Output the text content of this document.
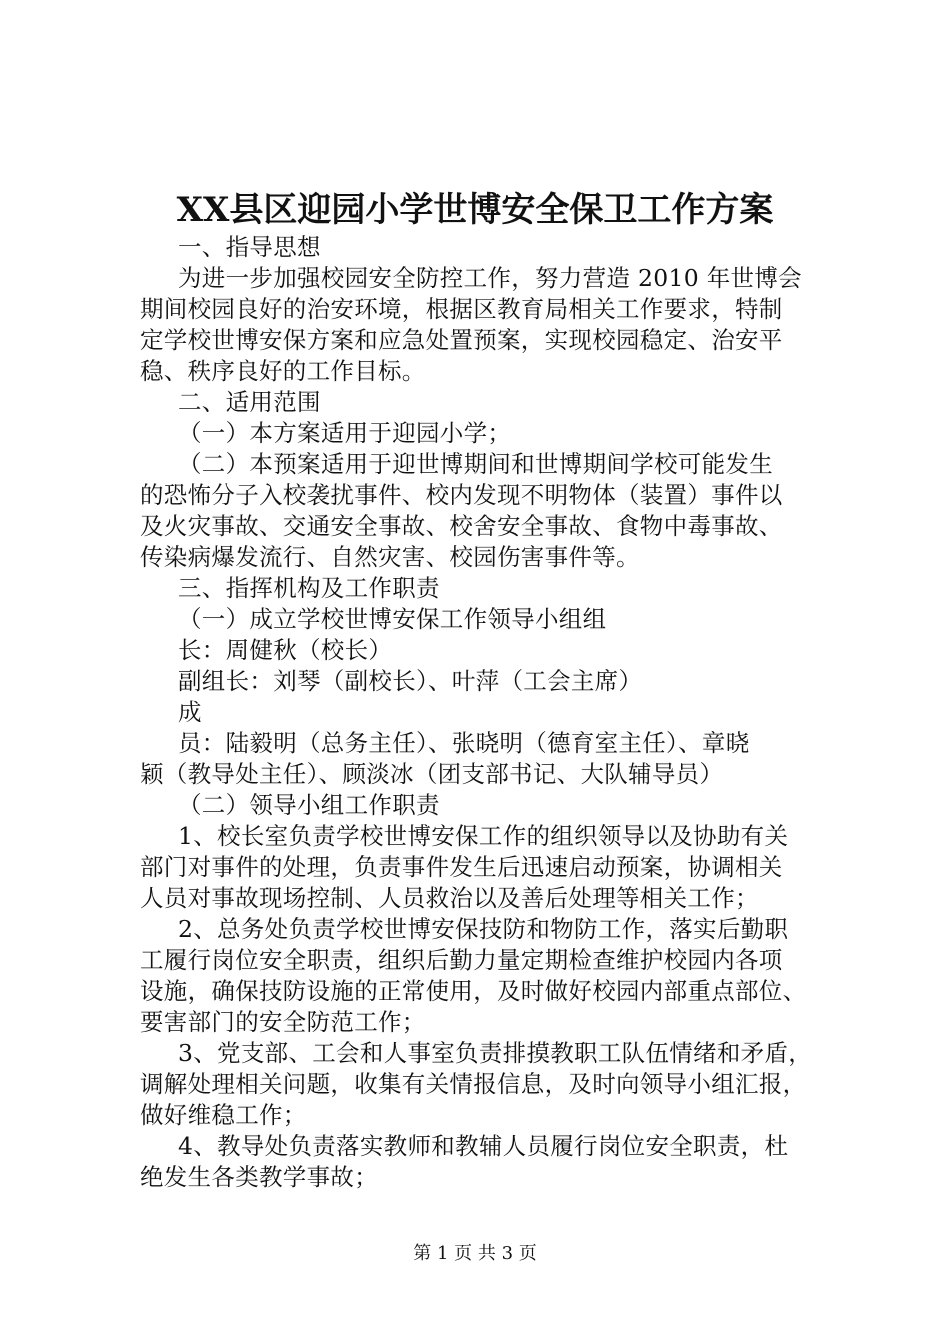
XX县区迎园小学世博安全保卫工作方案

一、指导思想

为进一步加强校园安全防控工作，努力营造 2010 年世博会

期间校园良好的治安环境，根据区教育局相关工作要求，特制

定学校世博安保方案和应急处置预案，实现校园稳定、治安平

稳、秩序良好的工作目标。

二、适用范围

（一）本方案适用于迎园小学；

（二）本预案适用于迎世博期间和世博期间学校可能发生

的恐怖分子入校袭扰事件、校内发现不明物体（装置）事件以

及火灾事故、交通安全事故、校舍安全事故、食物中毒事故、

传染病爆发流行、自然灾害、校园伤害事件等。

三、指挥机构及工作职责

（一）成立学校世博安保工作领导小组组

长：周健秋（校长）

副组长：刘琴（副校长）、叶萍（工会主席）

成

员：陆毅明（总务主任）、张晓明（德育室主任）、章晓

颖（教导处主任）、顾淡冰（团支部书记、大队辅导员）

（二）领导小组工作职责

1、校长室负责学校世博安保工作的组织领导以及协助有关

部门对事件的处理，负责事件发生后迅速启动预案，协调相关

人员对事故现场控制、人员救治以及善后处理等相关工作；

2、总务处负责学校世博安保技防和物防工作，落实后勤职

工履行岗位安全职责，组织后勤力量定期检查维护校园内各项

设施，确保技防设施的正常使用，及时做好校园内部重点部位、

要害部门的安全防范工作；

3、党支部、工会和人事室负责排摸教职工队伍情绪和矛盾，

调解处理相关问题，收集有关情报信息，及时向领导小组汇报，

做好维稳工作；

4、教导处负责落实教师和教辅人员履行岗位安全职责，杜

绝发生各类教学事故；

第 1 页 共 3 页
